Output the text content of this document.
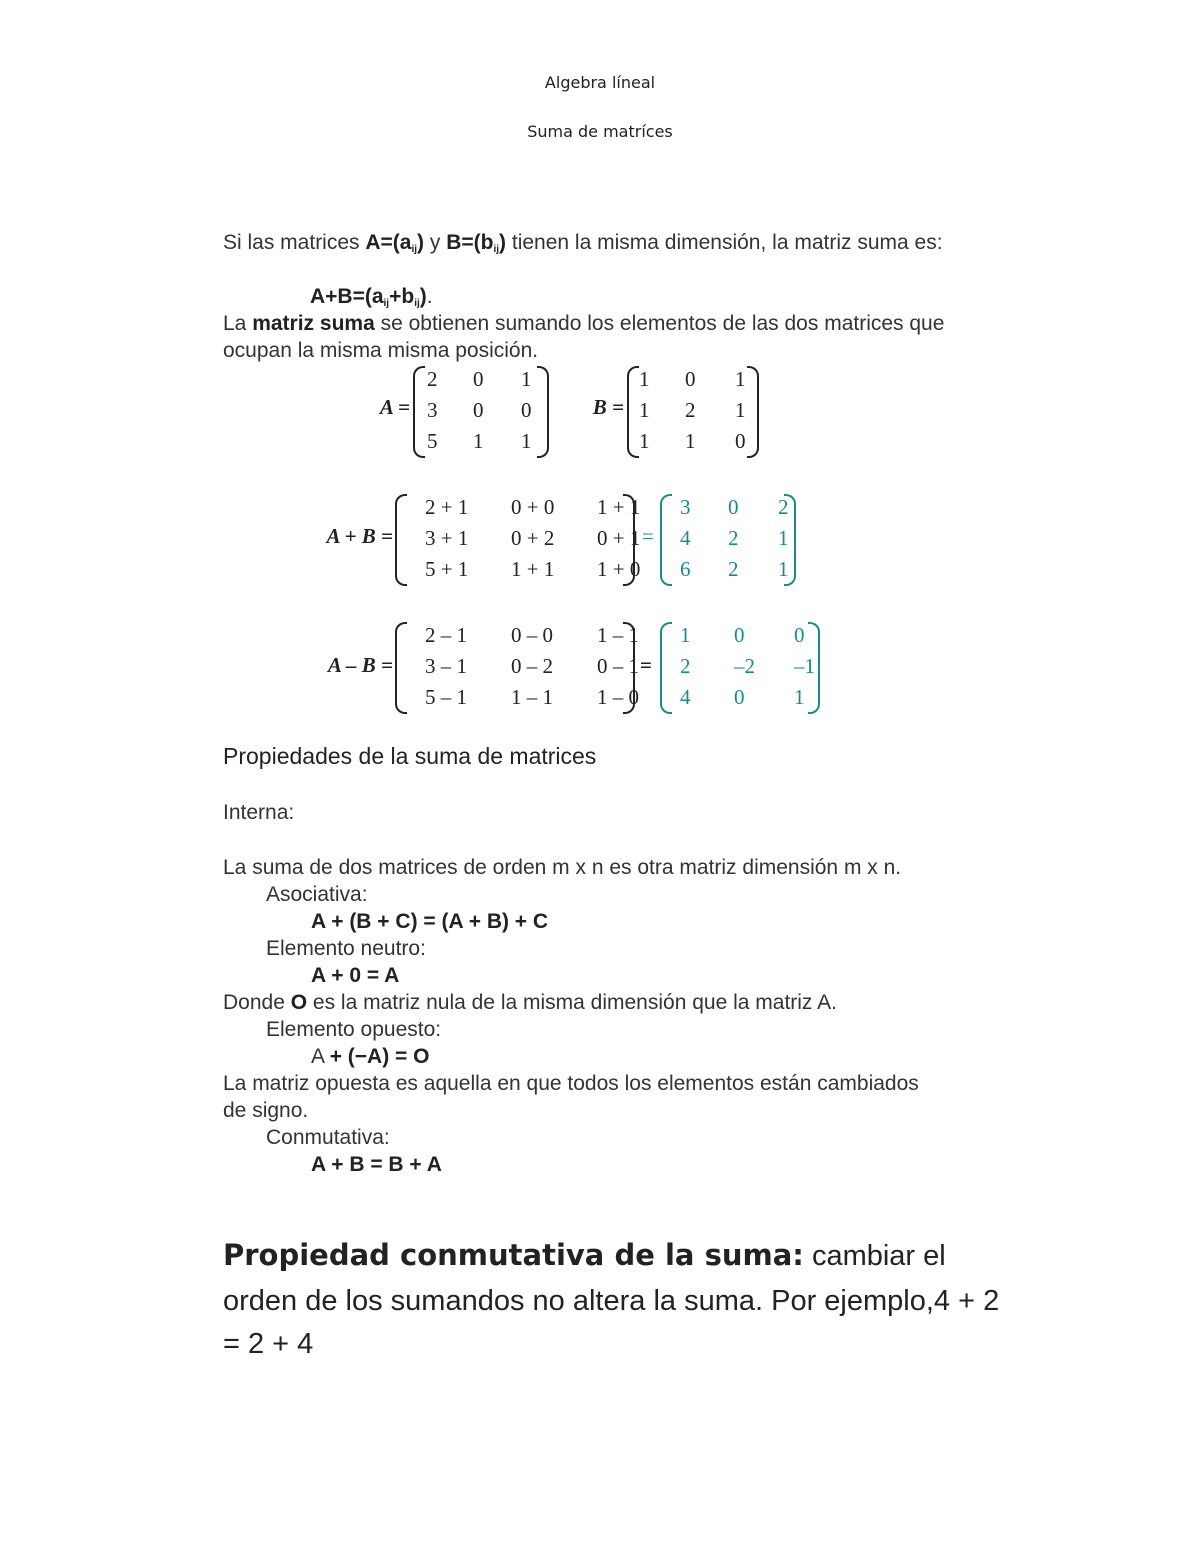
Algebra líneal
Suma de matríces
Si las matrices $A=(a_{ij})$ y $B=(b_{ij})$ tienen la misma dimensión, la matriz suma es:
$A+B=(a_{ij}+b_{ij})$.
La matriz suma se obtienen sumando los elementos de las dos matrices que
ocupan la misma misma posición.
A =
2 0 1
3 0 0
5 1 1
B =
1 0 1
1 2 1
1 1 0
A + B =
2 + 1 0 + 0 1 + 1
3 + 1 0 + 2 0 + 1
5 + 1 1 + 1 1 + 0
=
3 0 2
4 2 1
6 2 1
A – B =
2 – 1 0 – 0 1 – 1
3 – 1 0 – 2 0 – 1
5 – 1 1 – 1 1 – 0
=
1 0 0
2 –2 –1
4 0 1
Propiedades de la suma de matrices
Interna:
La suma de dos matrices de orden m x n es otra matriz dimensión m x n.
Asociativa:
A + (B + C) = (A + B) + C
Elemento neutro:
A + 0 = A
Donde O es la matriz nula de la misma dimensión que la matriz A.
Elemento opuesto:
A + (−A) = O
La matriz opuesta es aquella en que todos los elementos están cambiados
de signo.
Conmutativa:
A + B = B + A
Propiedad conmutativa de la suma: cambiar el
orden de los sumandos no altera la suma. Por ejemplo,4 + 2
= 2 + 4
